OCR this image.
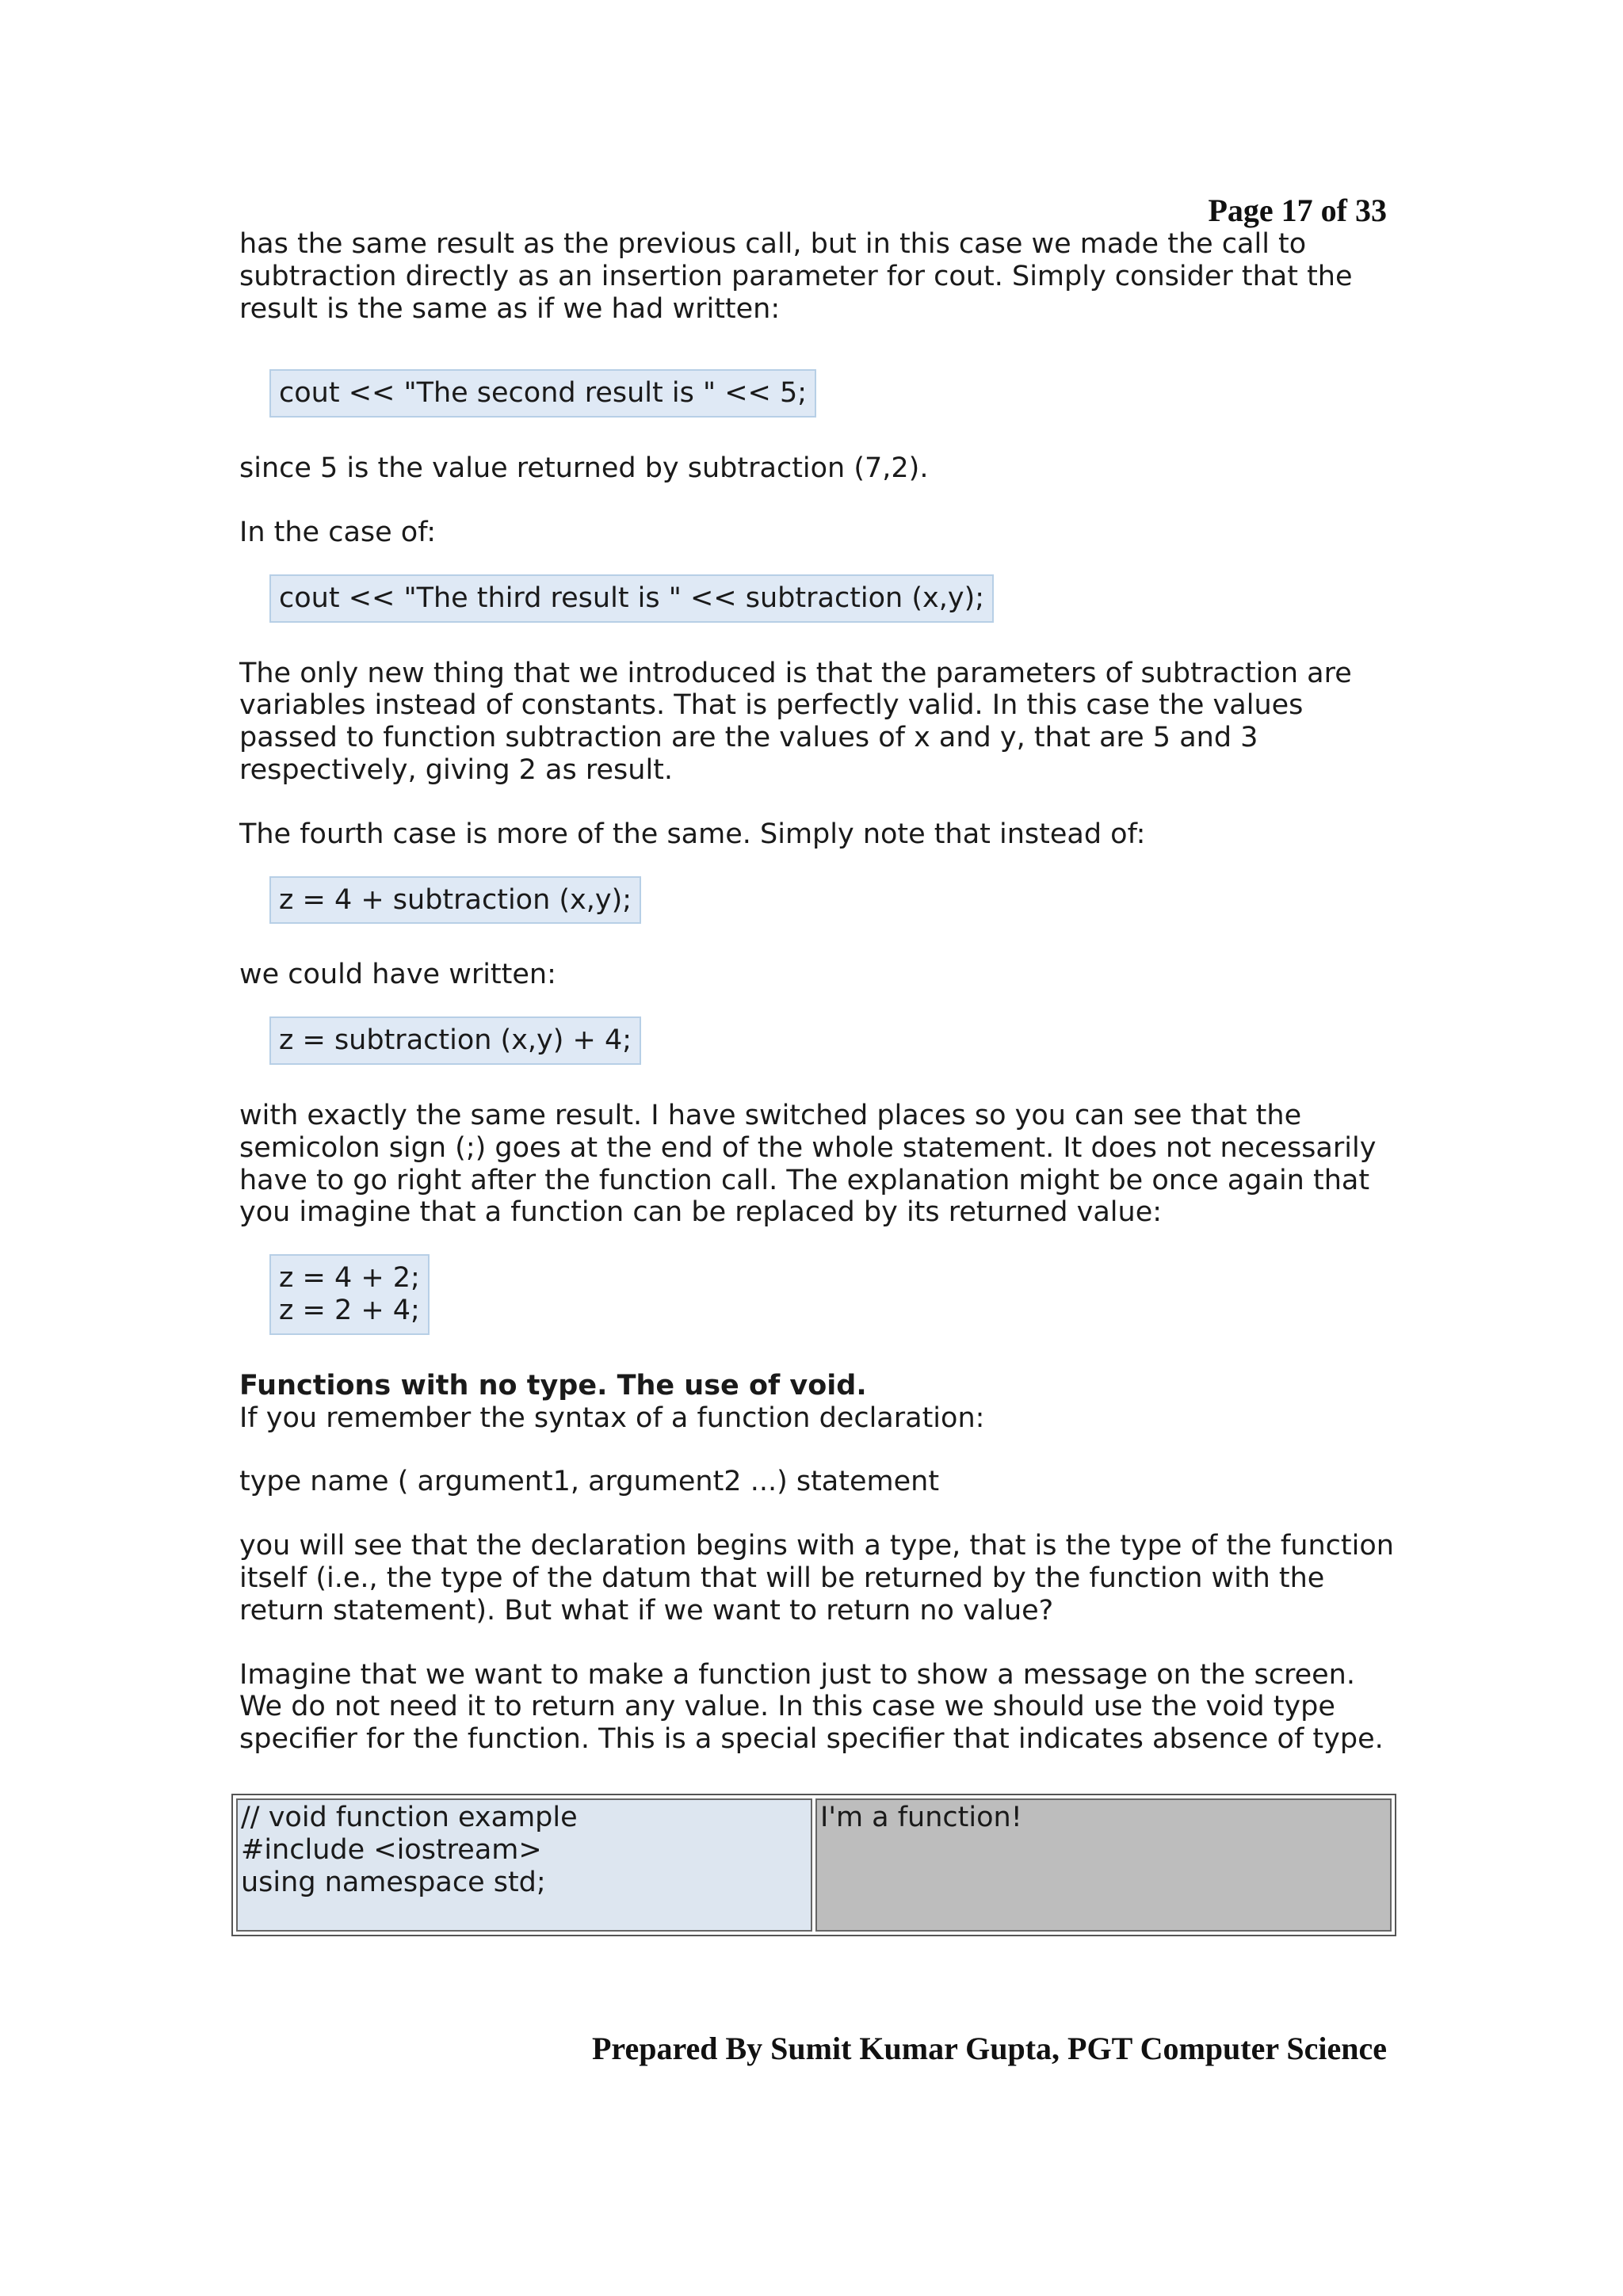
Page 17 of 33

has the same result as the previous call, but in this case we made the call to subtraction directly as an insertion parameter for cout. Simply consider that the result is the same as if we had written:

cout << "The second result is " << 5;

since 5 is the value returned by subtraction (7,2).

In the case of:

cout << "The third result is " << subtraction (x,y);

The only new thing that we introduced is that the parameters of subtraction are variables instead of constants. That is perfectly valid. In this case the values passed to function subtraction are the values of x and y, that are 5 and 3 respectively, giving 2 as result.

The fourth case is more of the same. Simply note that instead of:

z = 4 + subtraction (x,y);

we could have written:

z = subtraction (x,y) + 4;

with exactly the same result. I have switched places so you can see that the semicolon sign (;) goes at the end of the whole statement. It does not necessarily have to go right after the function call. The explanation might be once again that you imagine that a function can be replaced by its returned value:

z = 4 + 2;
z = 2 + 4;

Functions with no type. The use of void.

If you remember the syntax of a function declaration:

type name ( argument1, argument2 ...) statement

you will see that the declaration begins with a type, that is the type of the function itself (i.e., the type of the datum that will be returned by the function with the return statement). But what if we want to return no value?

Imagine that we want to make a function just to show a message on the screen. We do not need it to return any value. In this case we should use the void type specifier for the function. This is a special specifier that indicates absence of type.

// void function example
#include <iostream>
using namespace std;
I'm a function!
Prepared By Sumit Kumar Gupta, PGT Computer Science
